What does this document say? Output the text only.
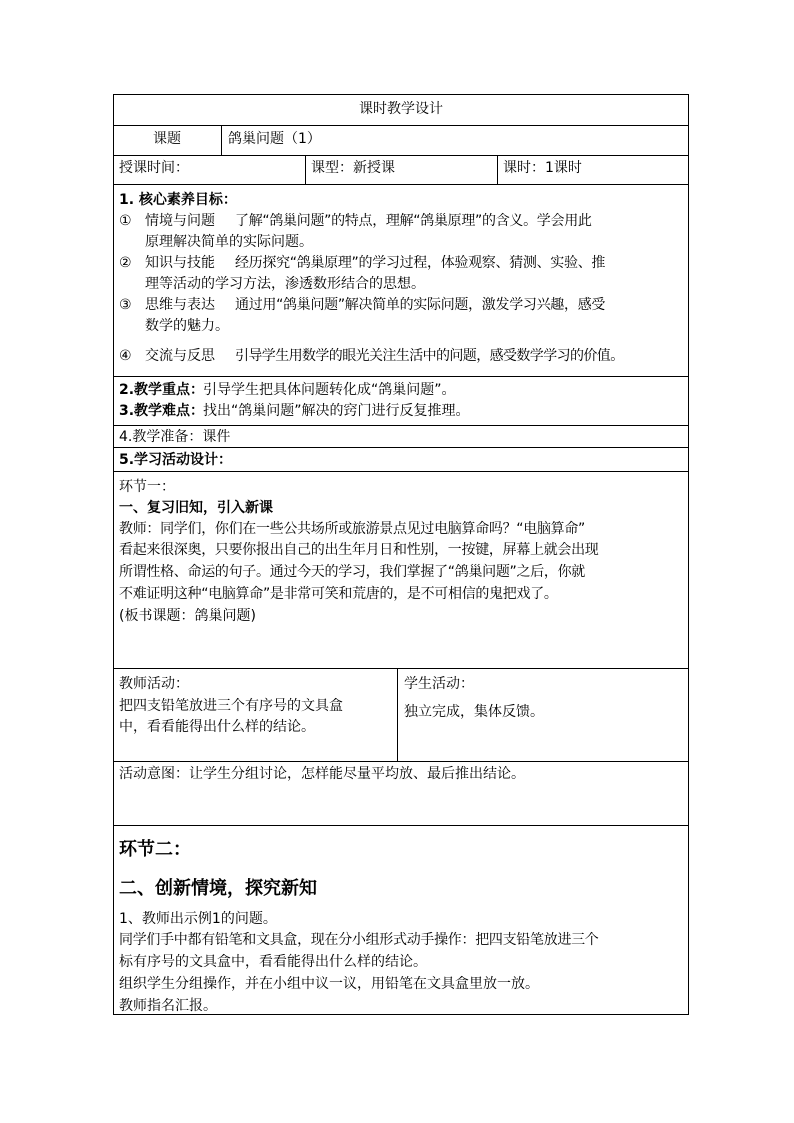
课时教学设计
课题	鸽巢问题（1）
授课时间：	课型：新授课	课时：1课时
1. 核心素养目标：
① 情境与问题 了解“鸽巢问题”的特点，理解“鸽巢原理”的含义。学会用此
原理解决简单的实际问题。
② 知识与技能 经历探究“鸽巢原理”的学习过程，体验观察、猜测、实验、推
理等活动的学习方法，渗透数形结合的思想。
③ 思维与表达 通过用“鸽巢问题”解决简单的实际问题，激发学习兴趣，感受
数学的魅力。
④ 交流与反思 引导学生用数学的眼光关注生活中的问题，感受数学学习的价值。
2.教学重点：
引导学生把具体问题转化成“鸽巢问题”。
3.教学难点：
找出“鸽巢问题”解决的窍门进行反复推理。
4.教学准备：课件
5.学习活动设计：
环节一：
一、复习旧知，引入新课
教师：同学们，你们在一些公共场所或旅游景点见过电脑算命吗？“电脑算命”
看起来很深奥，只要你报出自己的出生年月日和性别，一按键，屏幕上就会出现
所谓性格、命运的句子。通过今天的学习，我们掌握了“鸽巢问题”之后，你就
不难证明这种“电脑算命”是非常可笑和荒唐的，是不可相信的鬼把戏了。
(板书课题：鸽巢问题)
教师活动：
把四支铅笔放进三个有序号的文具盒
中，看看能得出什么样的结论。
学生活动：
独立完成，集体反馈。
活动意图：让学生分组讨论，怎样能尽量平均放、最后推出结论。
环节二：
二、创新情境，探究新知
1、教师出示例1的问题。
同学们手中都有铅笔和文具盒，现在分小组形式动手操作：把四支铅笔放进三个
标有序号的文具盒中，看看能得出什么样的结论。
组织学生分组操作，并在小组中议一议，用铅笔在文具盒里放一放。
教师指名汇报。
